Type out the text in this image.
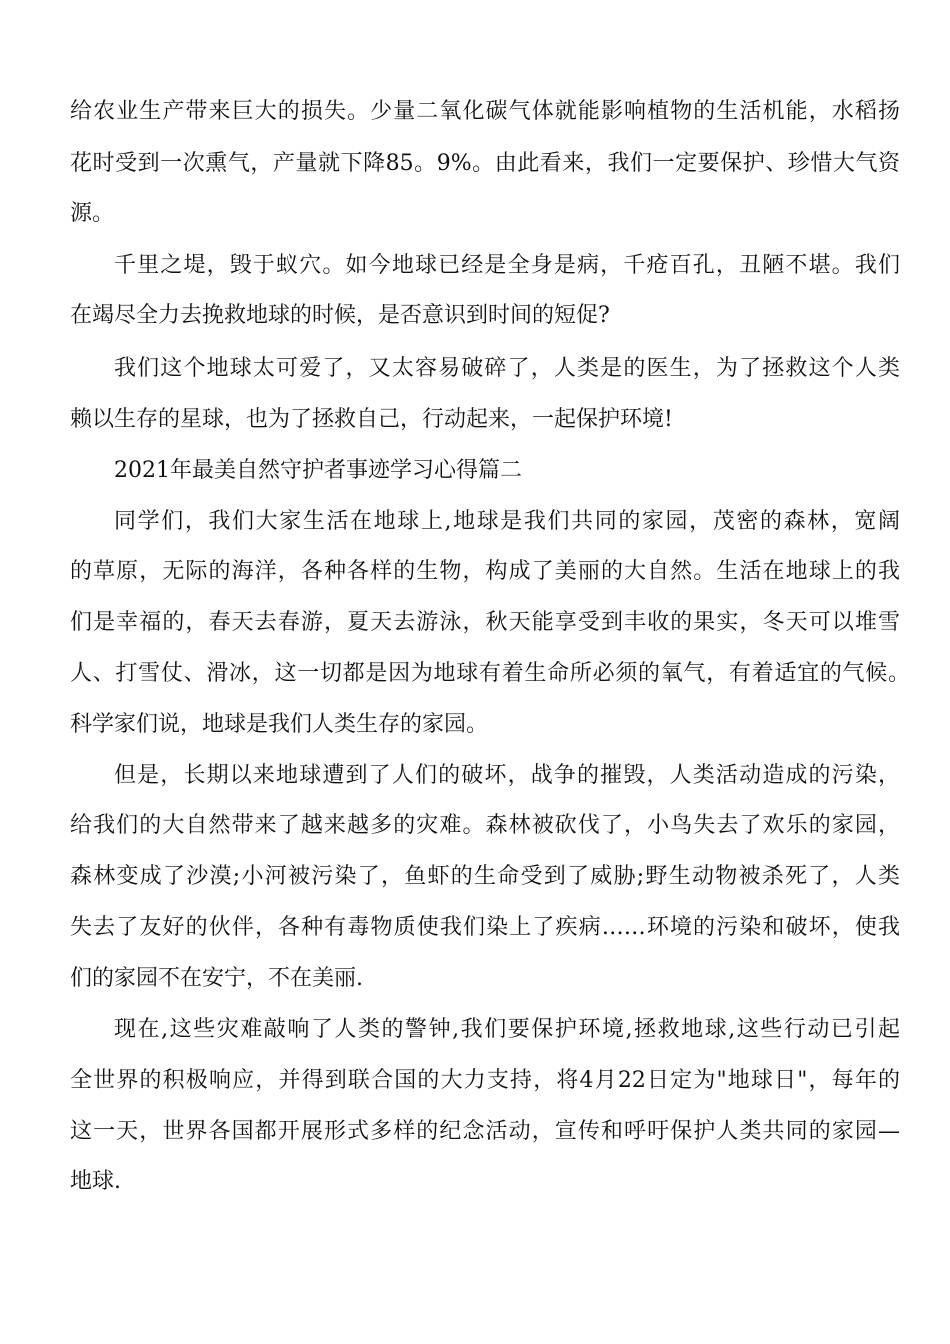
给农业生产带来巨大的损失。少量二氧化碳气体就能影响植物的生活机能，水稻扬
花时受到一次熏气，产量就下降85。9%。由此看来，我们一定要保护、珍惜大气资
源。
千里之堤，毁于蚁穴。如今地球已经是全身是病，千疮百孔，丑陋不堪。我们
在竭尽全力去挽救地球的时候，是否意识到时间的短促?
我们这个地球太可爱了，又太容易破碎了，人类是的医生，为了拯救这个人类
赖以生存的星球，也为了拯救自己，行动起来，一起保护环境!
2021年最美自然守护者事迹学习心得篇二
同学们，我们大家生活在地球上,地球是我们共同的家园，茂密的森林，宽阔
的草原，无际的海洋，各种各样的生物，构成了美丽的大自然。生活在地球上的我
们是幸福的，春天去春游，夏天去游泳，秋天能享受到丰收的果实，冬天可以堆雪
人、打雪仗、滑冰，这一切都是因为地球有着生命所必须的氧气，有着适宜的气候。
科学家们说，地球是我们人类生存的家园。
但是，长期以来地球遭到了人们的破坏，战争的摧毁，人类活动造成的污染，
给我们的大自然带来了越来越多的灾难。森林被砍伐了，小鸟失去了欢乐的家园，
森林变成了沙漠;小河被污染了，鱼虾的生命受到了威胁;野生动物被杀死了，人类
失去了友好的伙伴，各种有毒物质使我们染上了疾病……环境的污染和破坏，使我
们的家园不在安宁，不在美丽.
现在,这些灾难敲响了人类的警钟,我们要保护环境,拯救地球,这些行动已引起
全世界的积极响应，并得到联合国的大力支持，将4月22日定为"地球日"，每年的
这一天，世界各国都开展形式多样的纪念活动，宣传和呼吁保护人类共同的家园—
地球.
